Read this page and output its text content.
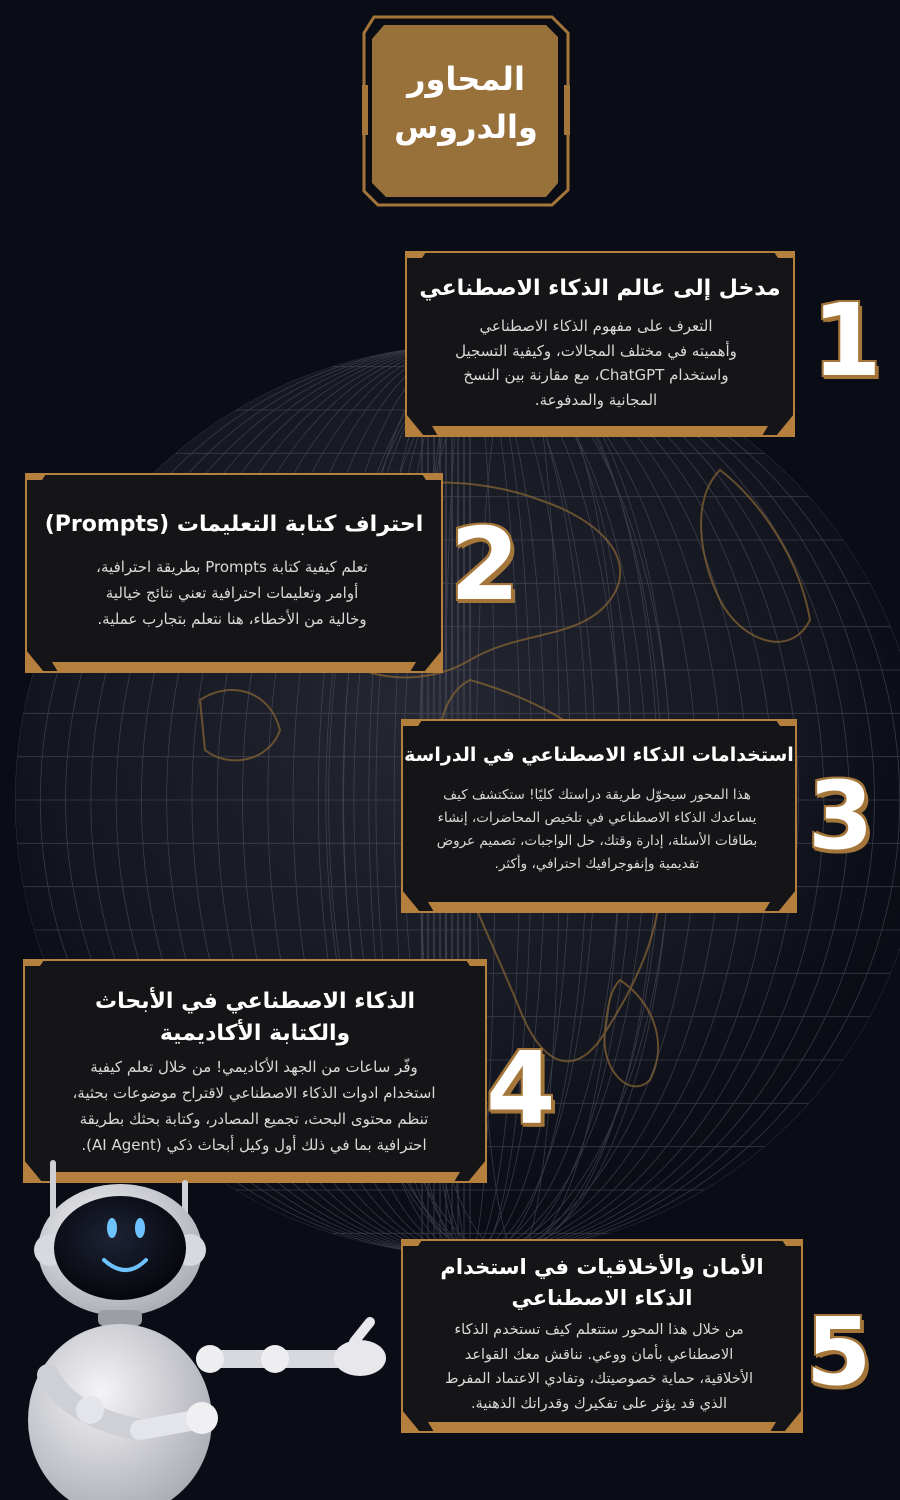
المحاور
والدروس
مدخل إلى عالم الذكاء الاصطناعي
التعرف على مفهوم الذكاء الاصطناعي
وأهميته في مختلف المجالات، وكيفية التسجيل
واستخدام ChatGPT، مع مقارنة بين النسخ
المجانية والمدفوعة.
1
احتراف كتابة التعليمات (Prompts)
تعلم كيفية كتابة Prompts بطريقة احترافية،
أوامر وتعليمات احترافية تعني نتائج خيالية
وخالية من الأخطاء، هنا نتعلم بتجارب عملية. 2
استخدامات الذكاء الاصطناعي في الدراسة
هذا المحور سيحوّل طريقة دراستك كليًا! ستكتشف كيف
يساعدك الذكاء الاصطناعي في تلخيص المحاضرات، إنشاء
بطاقات الأسئلة، إدارة وقتك، حل الواجبات، تصميم عروض
تقديمية وإنفوجرافيك احترافي، وأكثر.	3
الذكاء الاصطناعي في الأبحاث
والكتابة الأكاديمية
وفّر ساعات من الجهد الأكاديمي! من خلال تعلم كيفية
استخدام ادوات الذكاء الاصطناعي لاقتراح موضوعات بحثية،
تنظم محتوى البحث، تجميع المصادر، وكتابة بحثك بطريقة
احترافية بما في ذلك أول وكيل أبحاث ذكي (AI Agent). 4
الأمان والأخلاقيات في استخدام
الذكاء الاصطناعي
من خلال هذا المحور ستتعلم كيف تستخدم الذكاء
الاصطناعي بأمان ووعي. نناقش معك القواعد
الأخلاقية، حماية خصوصيتك، وتفادي الاعتماد المفرط
الذي قد يؤثر على تفكيرك وقدراتك الذهنية. 5
